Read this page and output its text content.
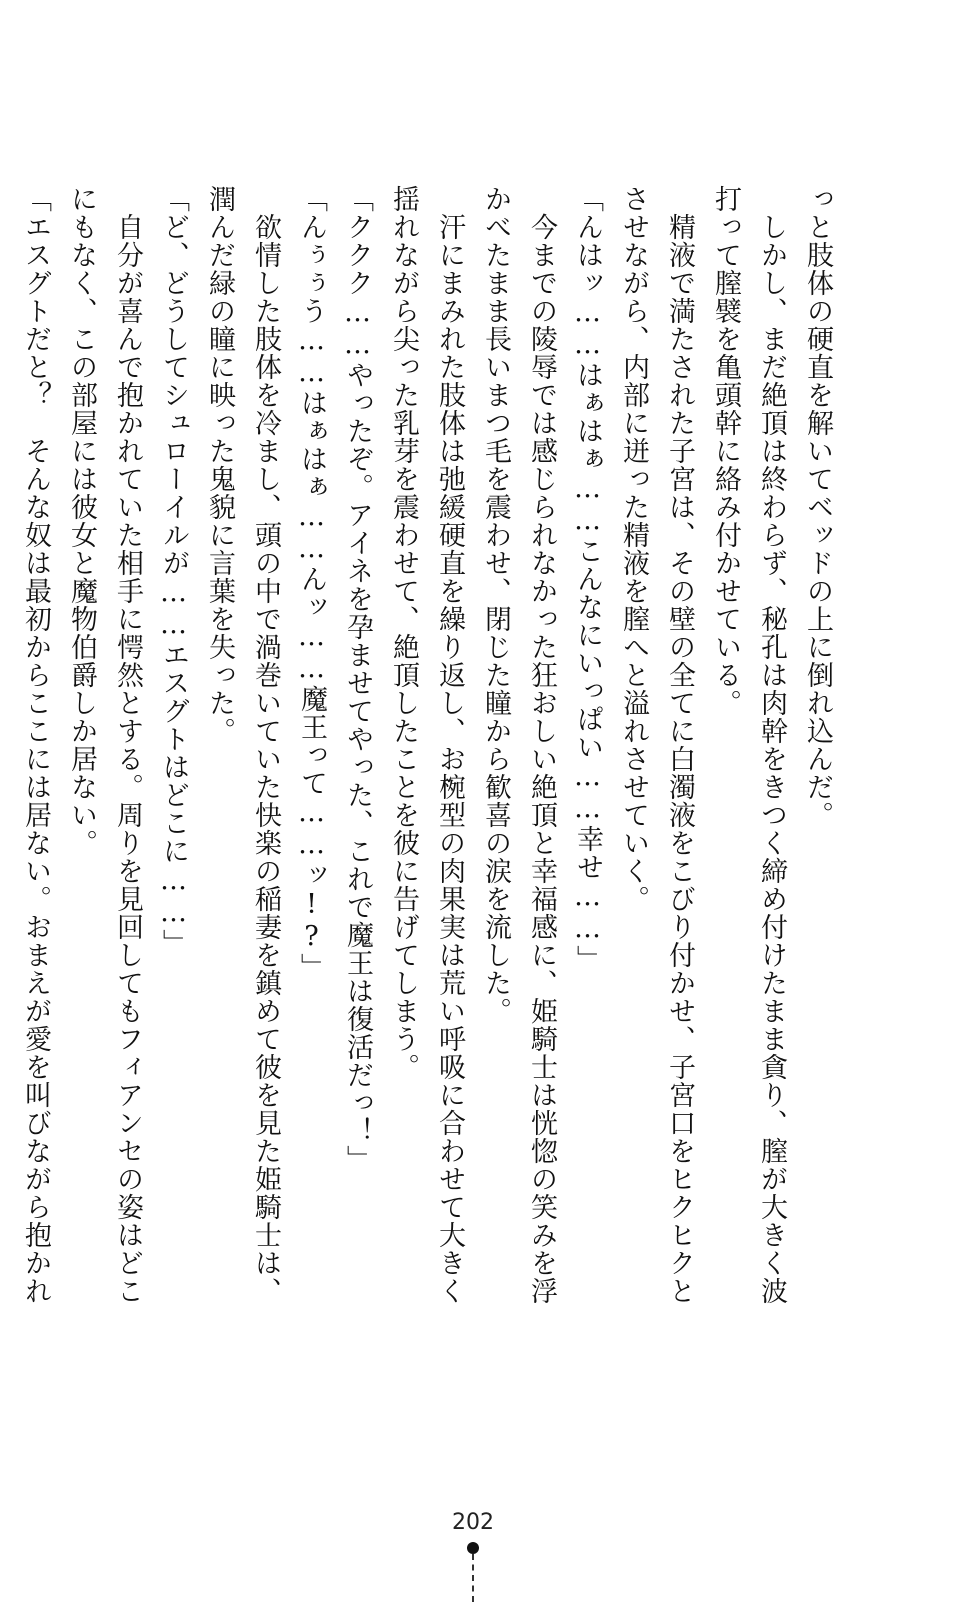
っと肢体の硬直を解いてベッドの上に倒れ込んだ。
　しかし、まだ絶頂は終わらず、秘孔は肉幹をきつく締め付けたまま貪り、膣が大きく波
打って膣襞を亀頭幹に絡み付かせている。
　精液で満たされた子宮は、その壁の全てに白濁液をこびり付かせ、子宮口をヒクヒクと
させながら、内部に迸った精液を膣へと溢れさせていく。
「んはッ……はぁはぁ……こんなにいっぱい……幸せ……」
　今までの陵辱では感じられなかった狂おしい絶頂と幸福感に、姫騎士は恍惚の笑みを浮
かべたまま長いまつ毛を震わせ、閉じた瞳から歓喜の涙を流した。
　汗にまみれた肢体は弛緩硬直を繰り返し、お椀型の肉果実は荒い呼吸に合わせて大きく
揺れながら尖った乳芽を震わせて、絶頂したことを彼に告げてしまう。
「ククク……やったぞ。アイネを孕ませてやった、これで魔王は復活だっ！」
「んぅぅう……はぁはぁ……んッ……魔王って……ッ!?」
　欲情した肢体を冷まし、頭の中で渦巻いていた快楽の稲妻を鎮めて彼を見た姫騎士は、
潤んだ緑の瞳に映った鬼貌に言葉を失った。
「ど、どうしてシュローイルが……エスグトはどこに……」
　自分が喜んで抱かれていた相手に愕然とする。周りを見回してもフィアンセの姿はどこ
にもなく、この部屋には彼女と魔物伯爵しか居ない。
「エスグトだと？　そんな奴は最初からここには居ない。おまえが愛を叫びながら抱かれ
202
